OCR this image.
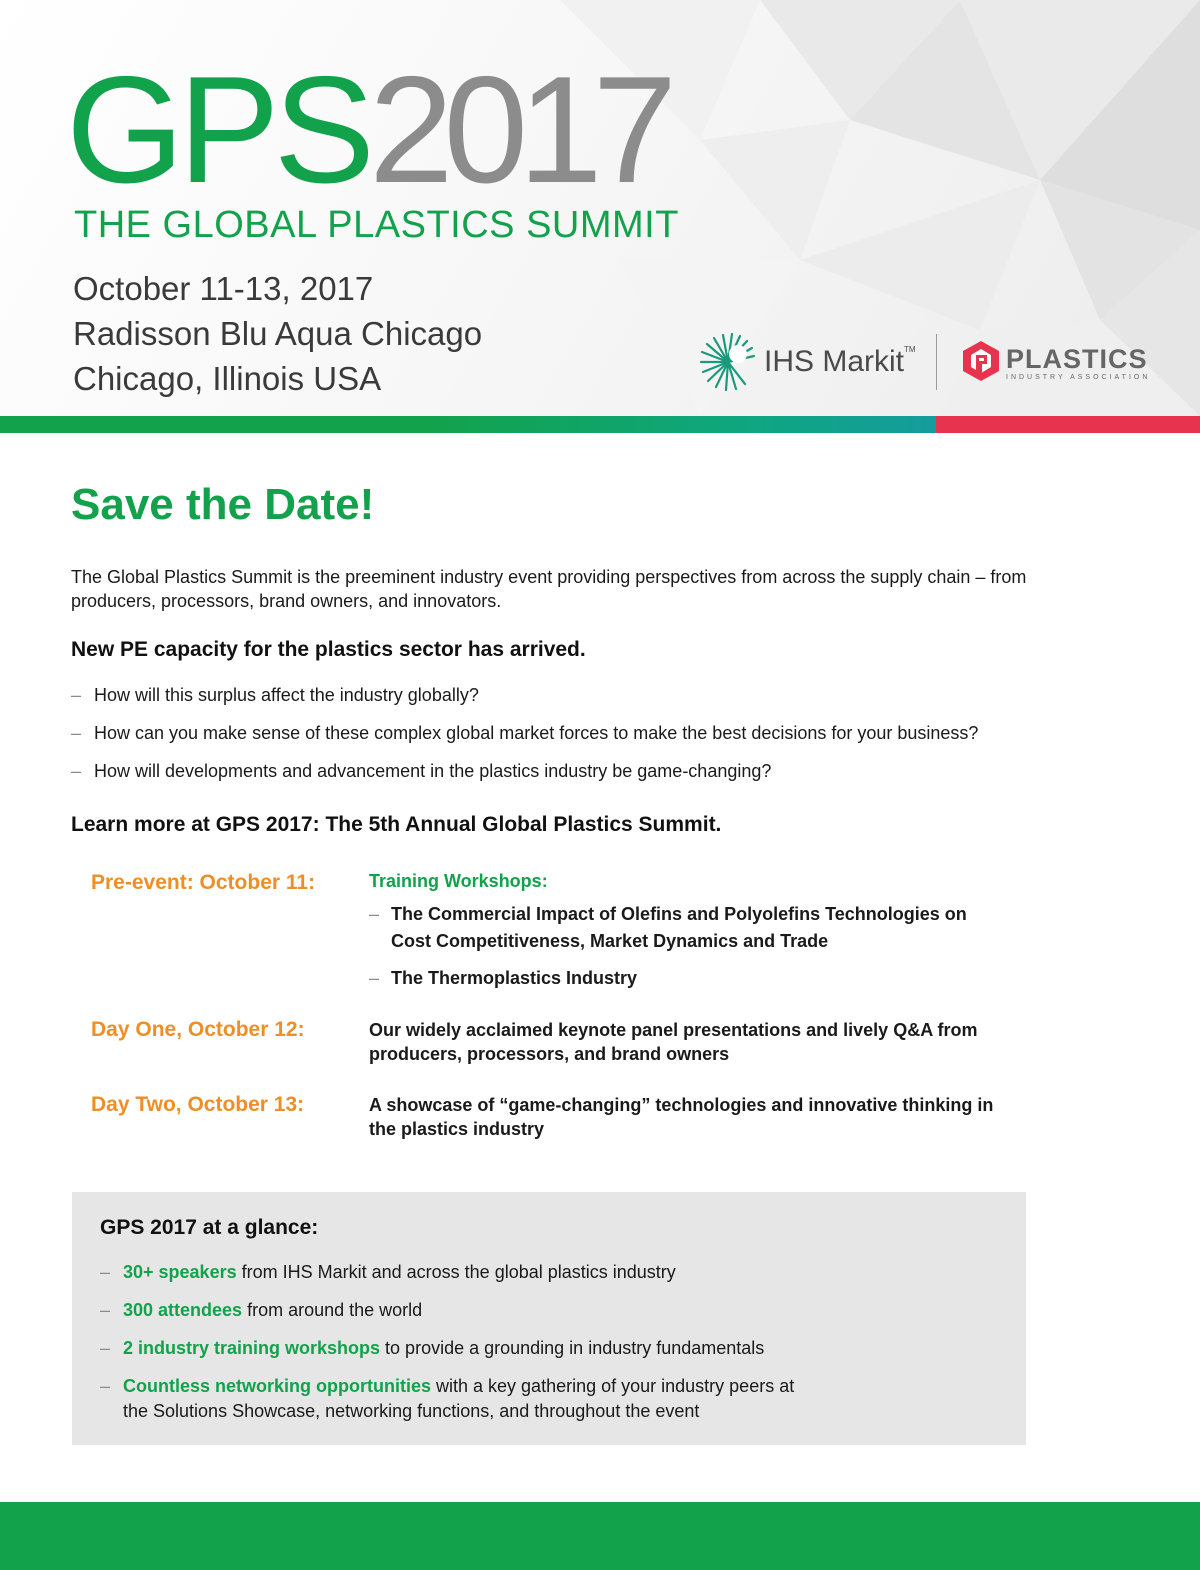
GPS2017
THE GLOBAL PLASTICS SUMMIT
October 11-13, 2017
Radisson Blu Aqua Chicago
Chicago, Illinois USA	IHS Markit™	PLASTICS
INDUSTRY ASSOCIATION
Save the Date!
The Global Plastics Summit is the preeminent industry event providing perspectives from across the supply chain – from producers, processors, brand owners, and innovators.
New PE capacity for the plastics sector has arrived.
– How will this surplus affect the industry globally?
– How can you make sense of these complex global market forces to make the best decisions for your business?
– How will developments and advancement in the plastics industry be game-changing?
Learn more at GPS 2017: The 5th Annual Global Plastics Summit.
Pre-event: October 11:	Training Workshops:
– The Commercial Impact of Olefins and Polyolefins Technologies on Cost Competitiveness, Market Dynamics and Trade
– The Thermoplastics Industry
Day One, October 12:	Our widely acclaimed keynote panel presentations and lively Q&A from producers, processors, and brand owners
Day Two, October 13:	A showcase of “game-changing” technologies and innovative thinking in the plastics industry
GPS 2017 at a glance:
– 30+ speakers from IHS Markit and across the global plastics industry
– 300 attendees from around the world
– 2 industry training workshops to provide a grounding in industry fundamentals
– Countless networking opportunities with a key gathering of your industry peers at the Solutions Showcase, networking functions, and throughout the event
